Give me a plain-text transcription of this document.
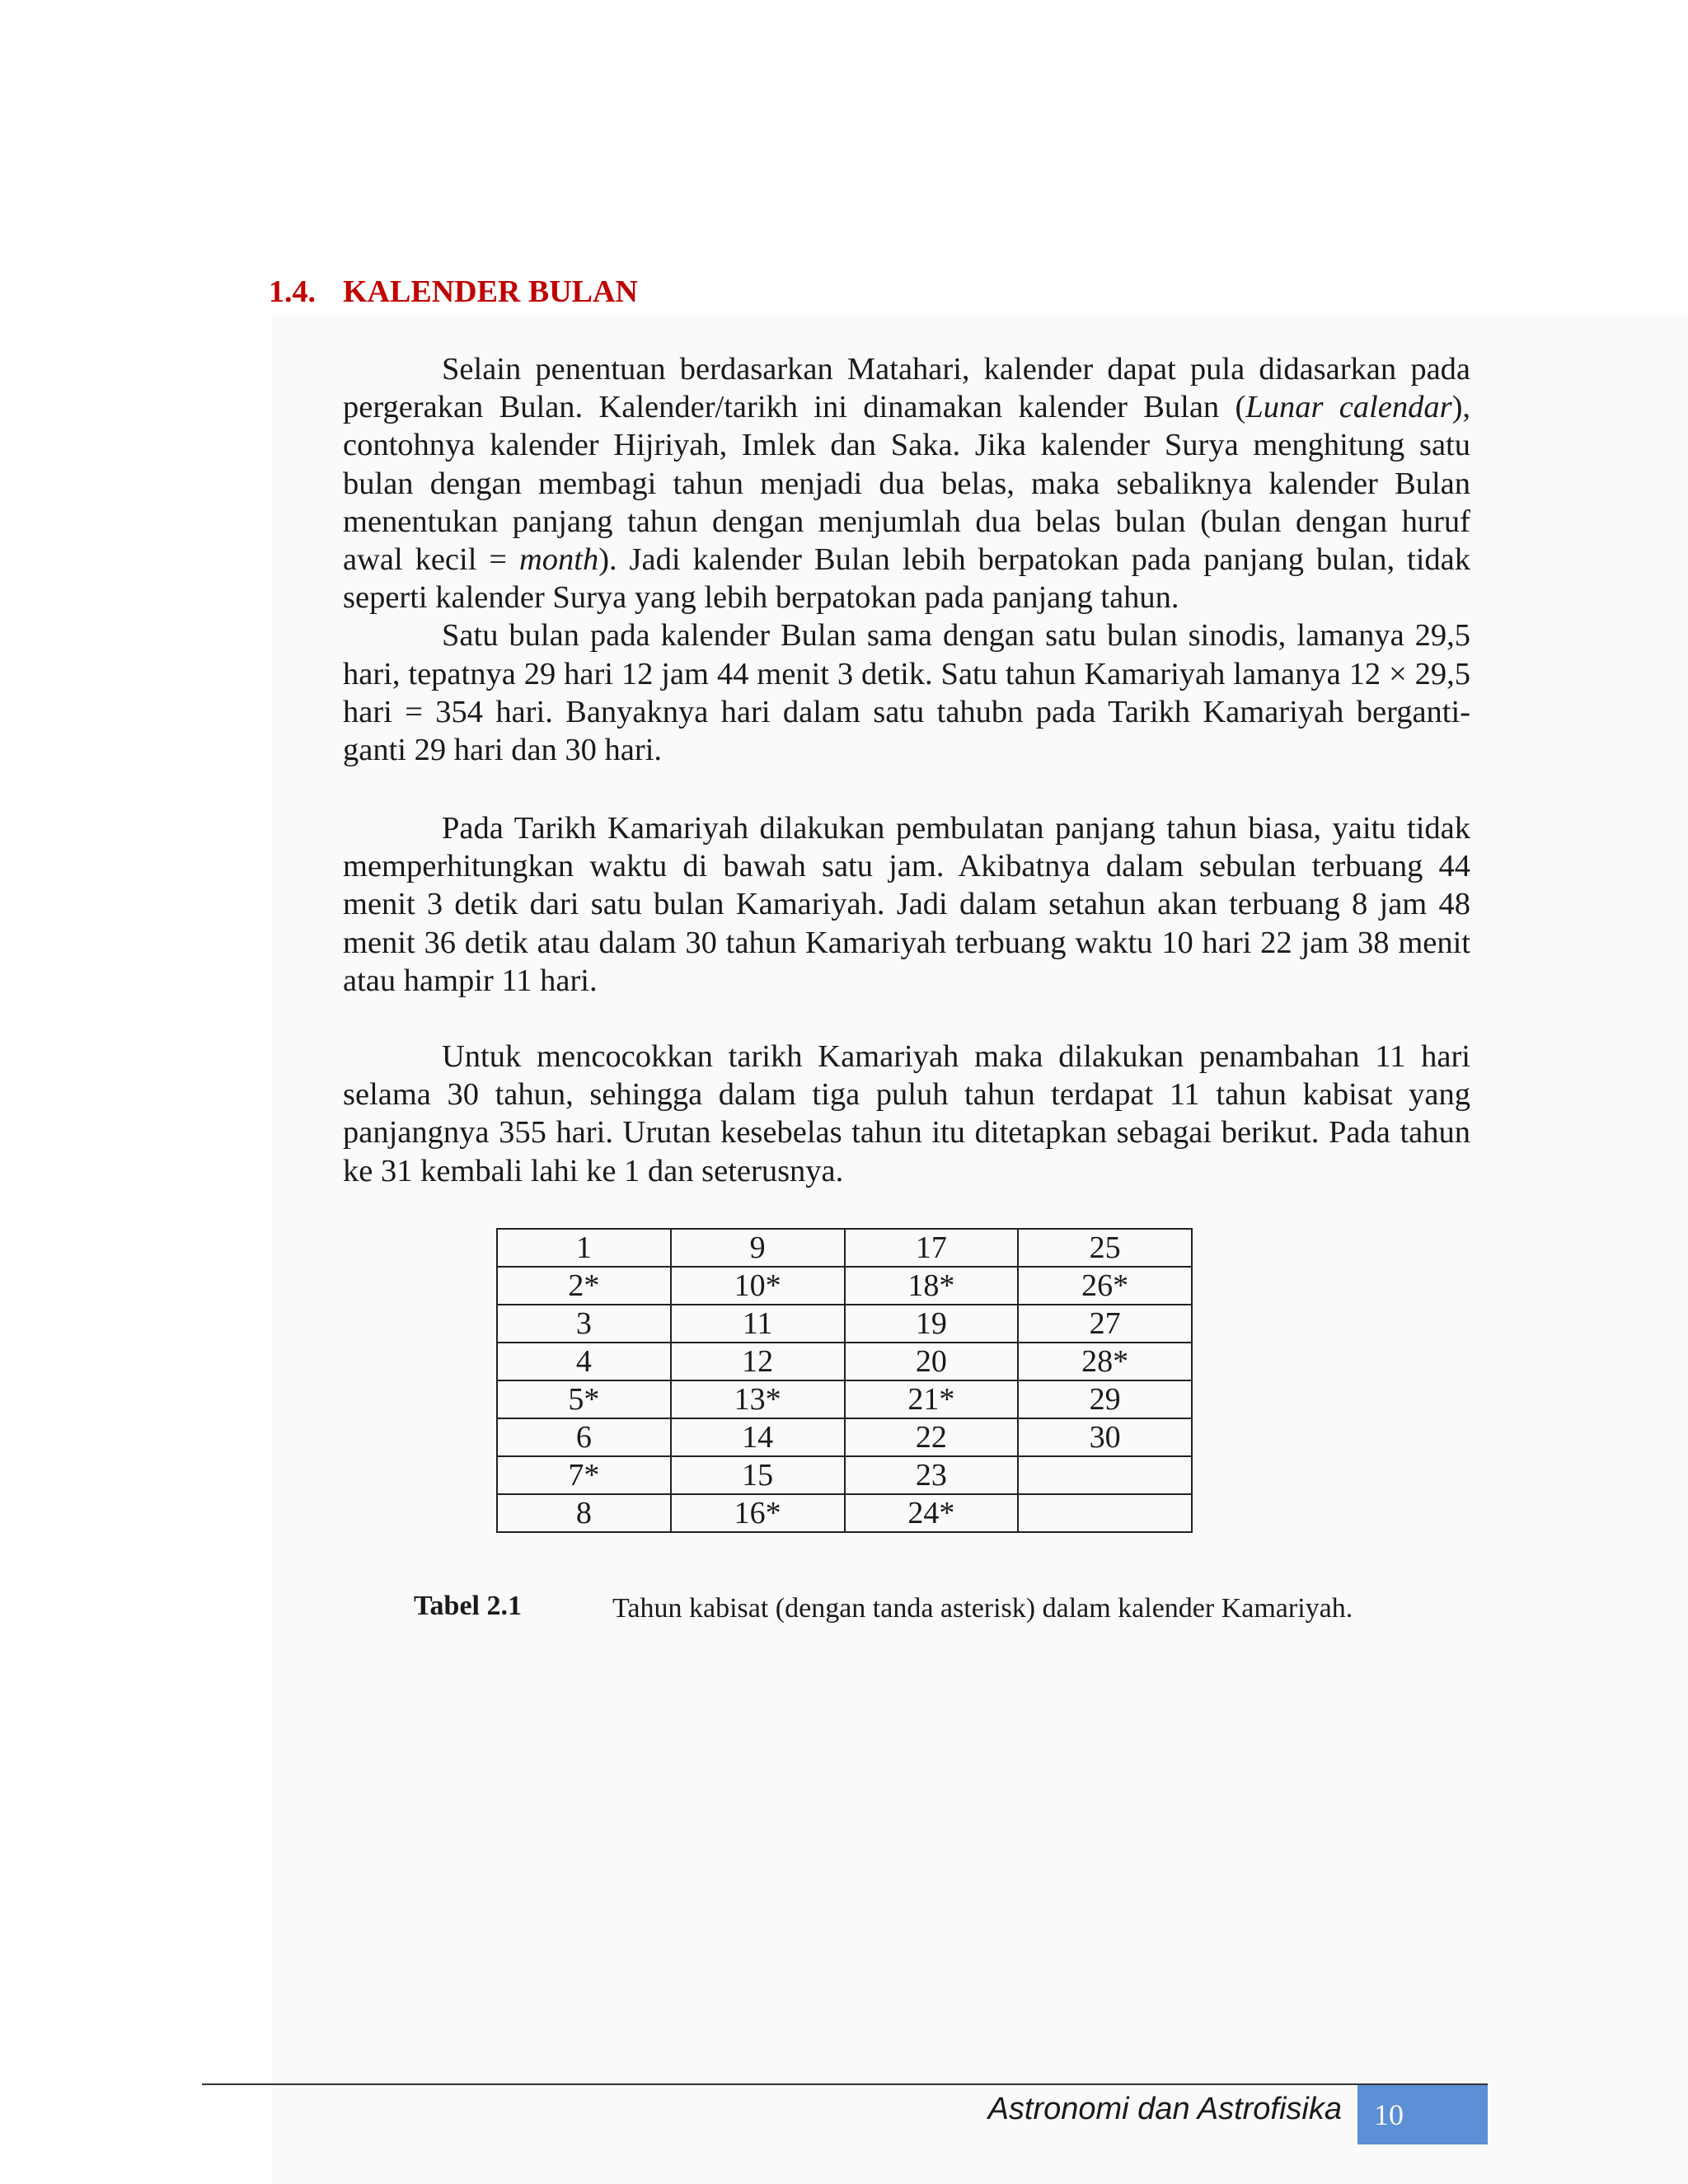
1.4. KALENDER BULAN

Selain penentuan berdasarkan Matahari, kalender dapat pula didasarkan pada pergerakan Bulan. Kalender/tarikh ini dinamakan kalender Bulan (Lunar calendar), contohnya kalender Hijriyah, Imlek dan Saka. Jika kalender Surya menghitung satu bulan dengan membagi tahun menjadi dua belas, maka sebaliknya kalender Bulan menentukan panjang tahun dengan menjumlah dua belas bulan (bulan dengan huruf awal kecil = month). Jadi kalender Bulan lebih berpatokan pada panjang bulan, tidak seperti kalender Surya yang lebih berpatokan pada panjang tahun.
Satu bulan pada kalender Bulan sama dengan satu bulan sinodis, lamanya 29,5 hari, tepatnya 29 hari 12 jam 44 menit 3 detik. Satu tahun Kamariyah lamanya 12 × 29,5 hari = 354 hari. Banyaknya hari dalam satu tahubn pada Tarikh Kamariyah berganti-ganti 29 hari dan 30 hari.

Pada Tarikh Kamariyah dilakukan pembulatan panjang tahun biasa, yaitu tidak memperhitungkan waktu di bawah satu jam. Akibatnya dalam sebulan terbuang 44 menit 3 detik dari satu bulan Kamariyah. Jadi dalam setahun akan terbuang 8 jam 48 menit 36 detik atau dalam 30 tahun Kamariyah terbuang waktu 10 hari 22 jam 38 menit atau hampir 11 hari.

Untuk mencocokkan tarikh Kamariyah maka dilakukan penambahan 11 hari selama 30 tahun, sehingga dalam tiga puluh tahun terdapat 11 tahun kabisat yang panjangnya 355 hari. Urutan kesebelas tahun itu ditetapkan sebagai berikut. Pada tahun ke 31 kembali lahi ke 1 dan seterusnya.

1	9	17	25
2*	10*	18*	26*
3	11	19	27
4	12	20	28*
5*	13*	21*	29
6	14	22	30
7*	15	23	
8	16*	24*	
Tabel 2.1	Tahun kabisat (dengan tanda asterisk) dalam kalender Kamariyah.
Astronomi dan Astrofisika	10
